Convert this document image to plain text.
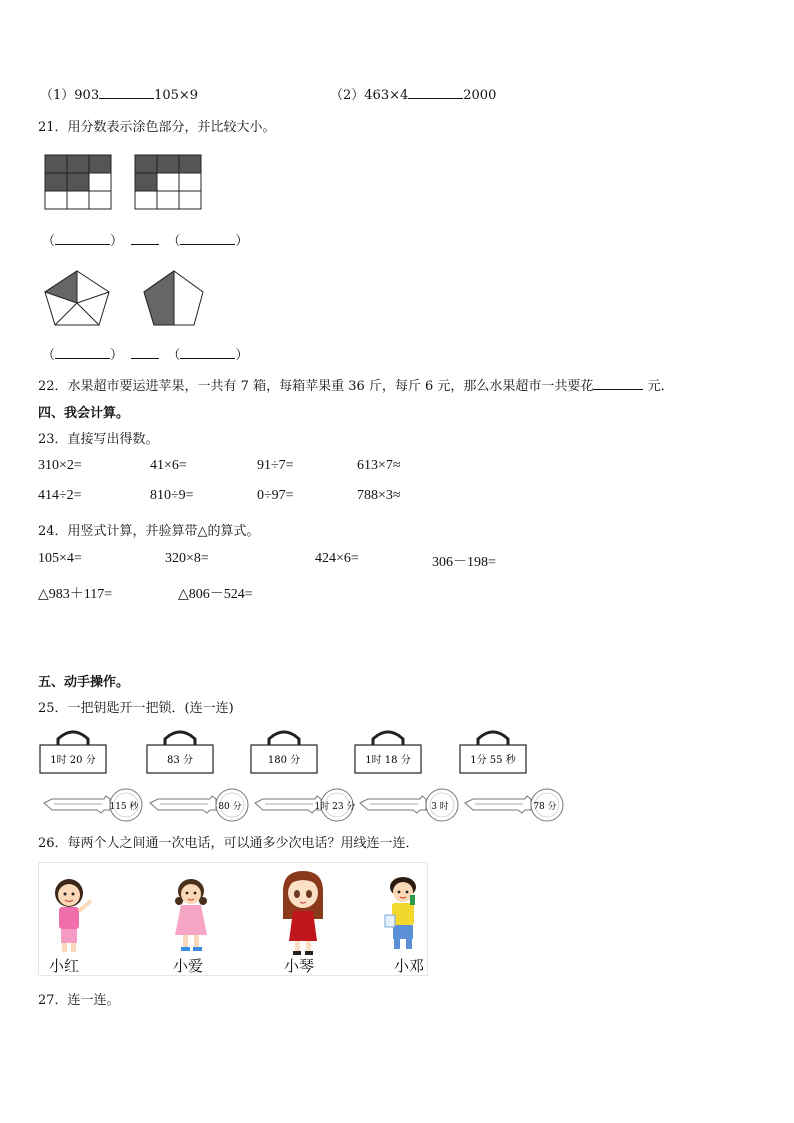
（1）903	105×9	（2）463×4	2000
21．用分数表示涂色部分，并比较大小。
（	）	（	）
（	）	（	）
22．水果超市要运进苹果，一共有 7 箱，每箱苹果重 36 斤，每斤 6 元，那么水果超市一共要花	元．
四、我会计算。
23．直接写出得数。
310×2=	41×6=	91÷7=	613×7≈
414÷2=	810÷9=	0÷97=	788×3≈
24．用竖式计算，并验算带△的算式。
105×4=	320×8=	424×6=	306－198=
△983＋117=	△806－524=
五、动手操作。
25．一把钥匙开一把锁．(连一连)
1时 20 分	83 分	180 分	1时 18 分	1分 55 秒
115 秒	80 分	1时 23 分	3 时	78 分
26．每两个人之间通一次电话，可以通多少次电话？用线连一连．
小红	小爱	小琴	小邓
27．连一连。
